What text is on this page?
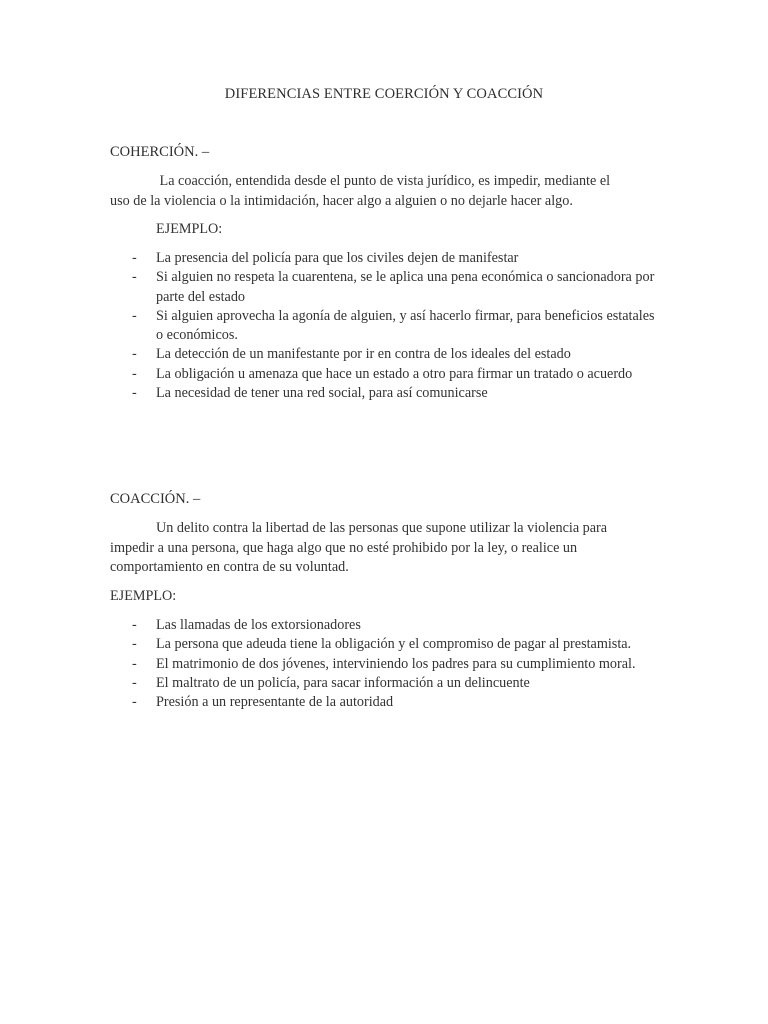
DIFERENCIAS ENTRE COERCIÓN Y COACCIÓN
COHERCIÓN. –
La coacción, entendida desde el punto de vista jurídico, es impedir, mediante el
uso de la violencia o la intimidación, hacer algo a alguien o no dejarle hacer algo.
EJEMPLO:
- La presencia del policía para que los civiles dejen de manifestar
- Si alguien no respeta la cuarentena, se le aplica una pena económica o sancionadora por parte del estado
- Si alguien aprovecha la agonía de alguien, y así hacerlo firmar, para beneficios estatales o económicos.
- La detección de un manifestante por ir en contra de los ideales del estado
- La obligación u amenaza que hace un estado a otro para firmar un tratado o acuerdo
- La necesidad de tener una red social, para así comunicarse
COACCIÓN. –
Un delito contra la libertad de las personas que supone utilizar la violencia para
impedir a una persona, que haga algo que no esté prohibido por la ley, o realice un
comportamiento en contra de su voluntad.
EJEMPLO:
- Las llamadas de los extorsionadores
- La persona que adeuda tiene la obligación y el compromiso de pagar al prestamista.
- El matrimonio de dos jóvenes, interviniendo los padres para su cumplimiento moral.
- El maltrato de un policía, para sacar información a un delincuente
- Presión a un representante de la autoridad
